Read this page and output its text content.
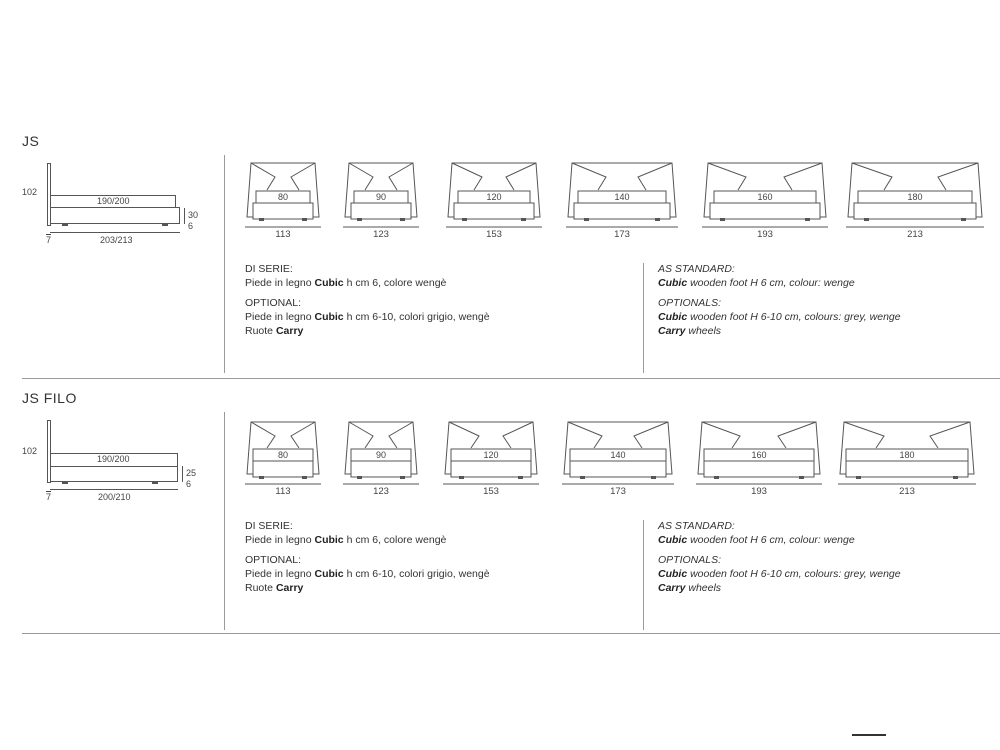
JS
102
190/200
7	203/213
30
6
80
113
90
123
120
153
140
173
160
193
180
213
DI SERIE:
Piede in legno Cubic h cm 6, colore wengè
OPTIONAL:
Piede in legno Cubic h cm 6-10, colori grigio, wengè
Ruote Carry
AS STANDARD:
Cubic wooden foot H 6 cm, colour: wenge
OPTIONALS:
Cubic wooden foot H 6-10 cm, colours: grey, wenge
Carry wheels
JS FILO
102
190/200
7	200/210
25
6
80
113
90
123
120
153
140
173
160
193
180
213
DI SERIE:
Piede in legno Cubic h cm 6, colore wengè
OPTIONAL:
Piede in legno Cubic h cm 6-10, colori grigio, wengè
Ruote Carry
AS STANDARD:
Cubic wooden foot H 6 cm, colour: wenge
OPTIONALS:
Cubic wooden foot H 6-10 cm, colours: grey, wenge
Carry wheels
